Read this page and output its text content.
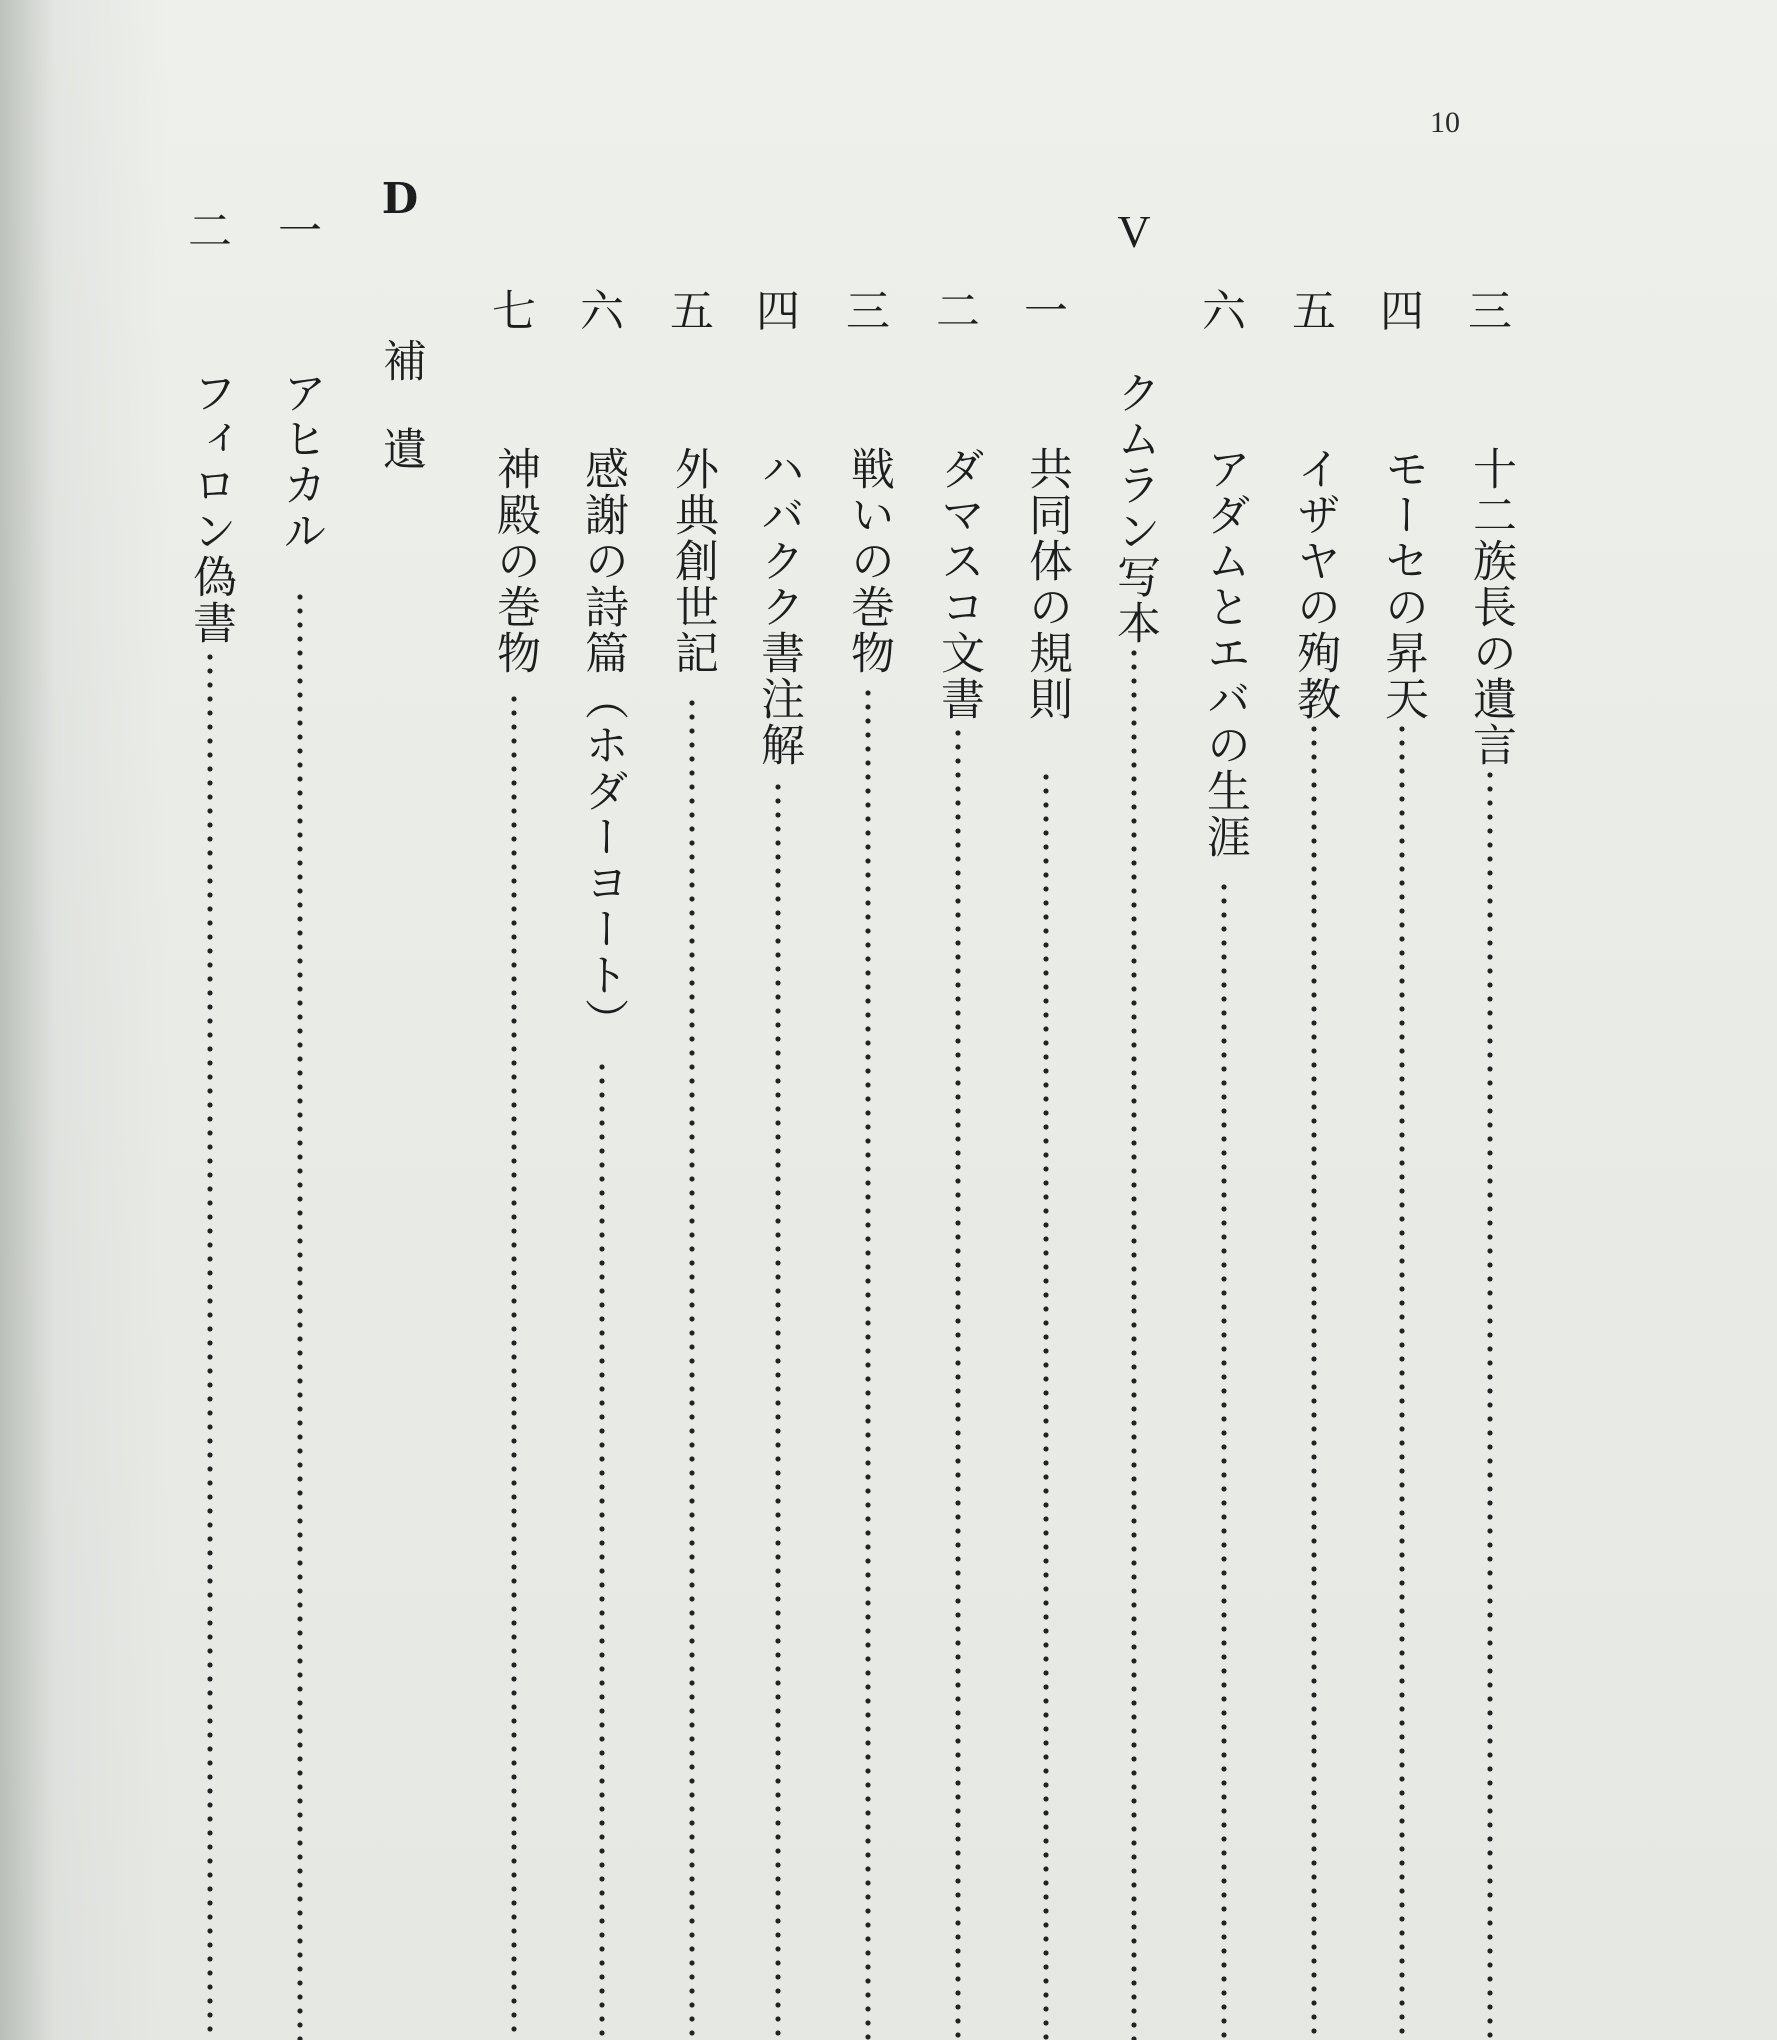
10
D
三
十二族長の遺言
四
モーセの昇天
五
イザヤの殉教
六
アダムとエバの生涯
V
クムラン写本
一
共同体の規則
二
ダマスコ文書
三
戦いの巻物
四
ハバクク書注解
五
外典創世記
六
感謝の詩篇（ホダーヨート）
七
神殿の巻物
補遺
一
アヒカル
二
フィロン偽書
